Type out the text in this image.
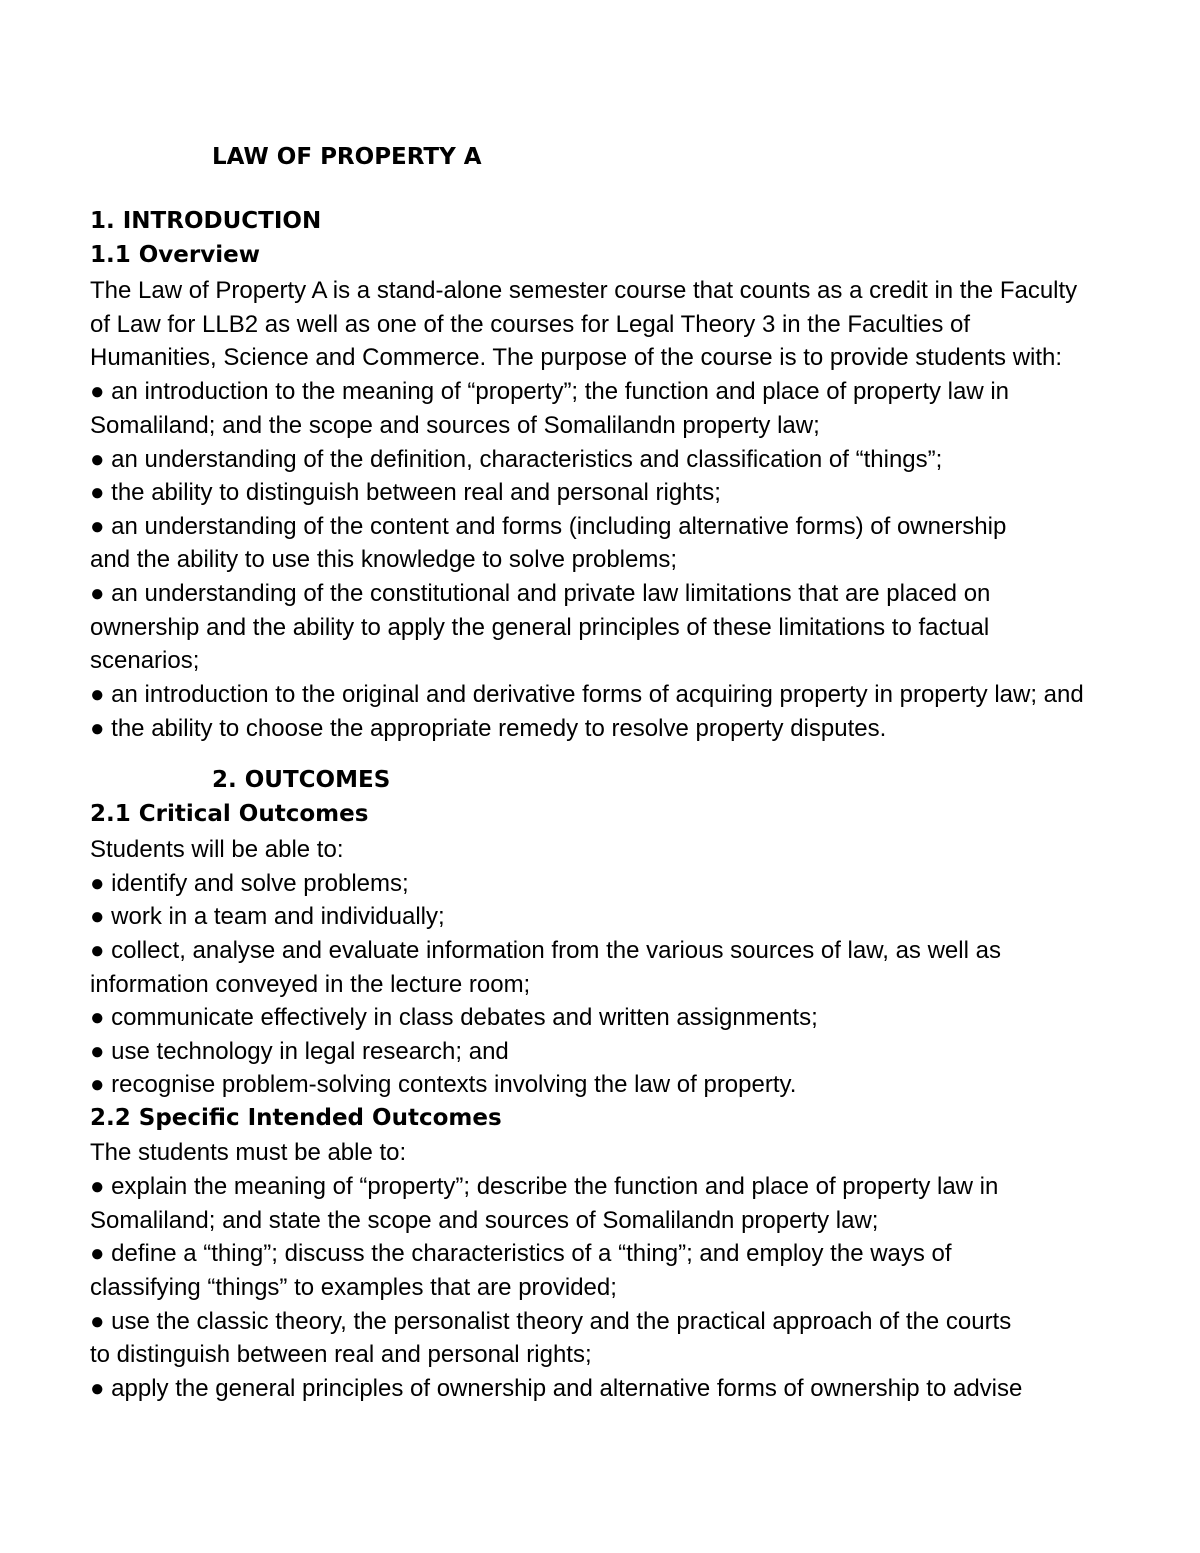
LAW OF PROPERTY A
1. INTRODUCTION
1.1 Overview

The Law of Property A is a stand-alone semester course that counts as a credit in the Faculty

of Law for LLB2 as well as one of the courses for Legal Theory 3 in the Faculties of

Humanities, Science and Commerce. The purpose of the course is to provide students with:

● an introduction to the meaning of “property”; the function and place of property law in

Somaliland; and the scope and sources of Somalilandn property law;

● an understanding of the definition, characteristics and classification of “things”;

● the ability to distinguish between real and personal rights;

● an understanding of the content and forms (including alternative forms) of ownership

and the ability to use this knowledge to solve problems;

● an understanding of the constitutional and private law limitations that are placed on

ownership and the ability to apply the general principles of these limitations to factual

scenarios;

● an introduction to the original and derivative forms of acquiring property in property law; and

● the ability to choose the appropriate remedy to resolve property disputes.

2. OUTCOMES
2.1 Critical Outcomes

Students will be able to:

● identify and solve problems;

● work in a team and individually;

● collect, analyse and evaluate information from the various sources of law, as well as

information conveyed in the lecture room;

● communicate effectively in class debates and written assignments;

● use technology in legal research; and

● recognise problem-solving contexts involving the law of property.

2.2 Specific Intended Outcomes

The students must be able to:

● explain the meaning of “property”; describe the function and place of property law in

Somaliland; and state the scope and sources of Somalilandn property law;

● define a “thing”; discuss the characteristics of a “thing”; and employ the ways of

classifying “things” to examples that are provided;

● use the classic theory, the personalist theory and the practical approach of the courts

to distinguish between real and personal rights;

● apply the general principles of ownership and alternative forms of ownership to advise
